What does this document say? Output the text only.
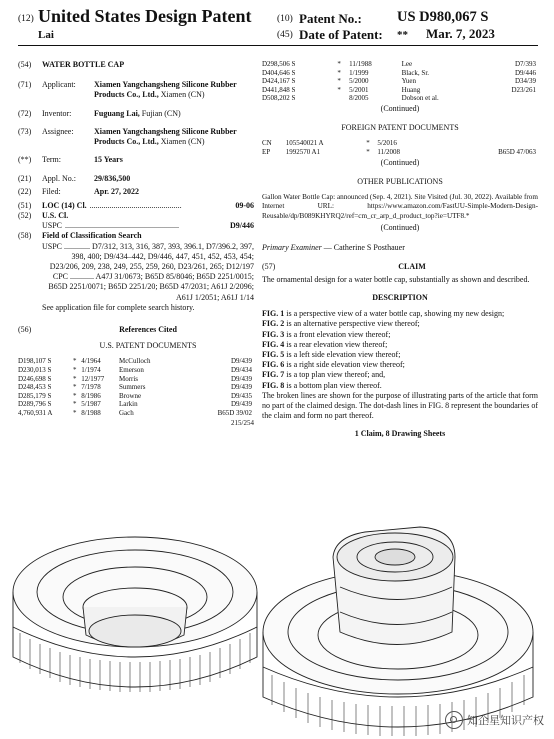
(12) United States Design Patent
Lai
(10) Patent No.: US D980,067 S
(45) Date of Patent: ** Mar. 7, 2023
(54)	WATER BOTTLE CAP
(71)	Applicant:	Xiamen Yangchangsheng Silicone Rubber Products Co., Ltd., Xiamen (CN)
(72)	Inventor:	Fuguang Lai, Fujian (CN)
(73)	Assignee:	Xiamen Yangchangsheng Silicone Rubber Products Co., Ltd., Xiamen (CN)
(**)	Term:	15 Years
(21)	Appl. No.:	29/836,500
(22)	Filed:	Apr. 27, 2022
(51)	LOC (14) Cl. ..............................................	09-06
(52)	U.S. Cl.
USPC .........................................................	D9/446
(58)	Field of Classification Search
USPC ............. D7/312, 313, 316, 387, 393, 396.1, D7/396.2, 397, 398, 400; D9/434–442, D9/446, 447, 451, 452, 453, 454; D23/206, 209, 238, 249, 255, 259, 260, D23/261, 265; D12/197
CPC ............ A47J 31/0673; B65D 85/8046; B65D 2251/0015; B65D 2251/0071; B65D 2251/20; B65D 47/2031; A61J 2/2096; A61J 1/2051; A61J 1/14
See application file for complete search history.
(56)	References Cited
U.S. PATENT DOCUMENTS
D198,107 S	*	4/1964	McCulloch	D9/439
D230,013 S	*	1/1974	Emerson	D9/434
D246,698 S	*	12/1977	Morris	D9/439
D248,453 S	*	7/1978	Summers	D9/439
D285,179 S	*	8/1986	Browne	D9/435
D289,796 S	*	5/1987	Larkin	D9/439
4,760,931 A	*	8/1988	Gach	B65D 39/02
215/254
D298,506 S	*	11/1988	Lee	D7/393
D404,646 S	*	1/1999	Black, Sr.	D9/446
D424,167 S	*	5/2000	Yuen	D34/39
D441,848 S	*	5/2001	Huang	D23/261
D508,202 S		8/2005	Dobson et al.	
(Continued)
FOREIGN PATENT DOCUMENTS
CN	105540021 A	*	5/2016	
EP	1992570 A1	*	11/2008	B65D 47/063
(Continued)
OTHER PUBLICATIONS
Gallon Water Bottle Cap: announced (Sep. 4, 2021). Site Visited (Jul. 30, 2022). Available from Internet URL: https://www.amazon.com/FastUU-Simple-Modern-Design-Reusable/dp/B089KHYRQ2/ref=cm_cr_arp_d_product_top?ie=UTF8.*
(Continued)
Primary Examiner — Catherine S Posthauer
(57)	CLAIM
The ornamental design for a water bottle cap, substantially as shown and described.
DESCRIPTION
FIG. 1 is a perspective view of a water bottle cap, showing my new design;
FIG. 2 is an alternative perspective view thereof;
FIG. 3 is a front elevation view thereof;
FIG. 4 is a rear elevation view thereof;
FIG. 5 is a left side elevation view thereof;
FIG. 6 is a right side elevation view thereof;
FIG. 7 is a top plan view thereof; and,
FIG. 8 is a bottom plan view thereof.
The broken lines are shown for the purpose of illustrating parts of the article that form no part of the claimed design. The dot-dash lines in FIG. 8 represent the boundaries of the claim and form no part thereof.
1 Claim, 8 Drawing Sheets
知企星知识产权
